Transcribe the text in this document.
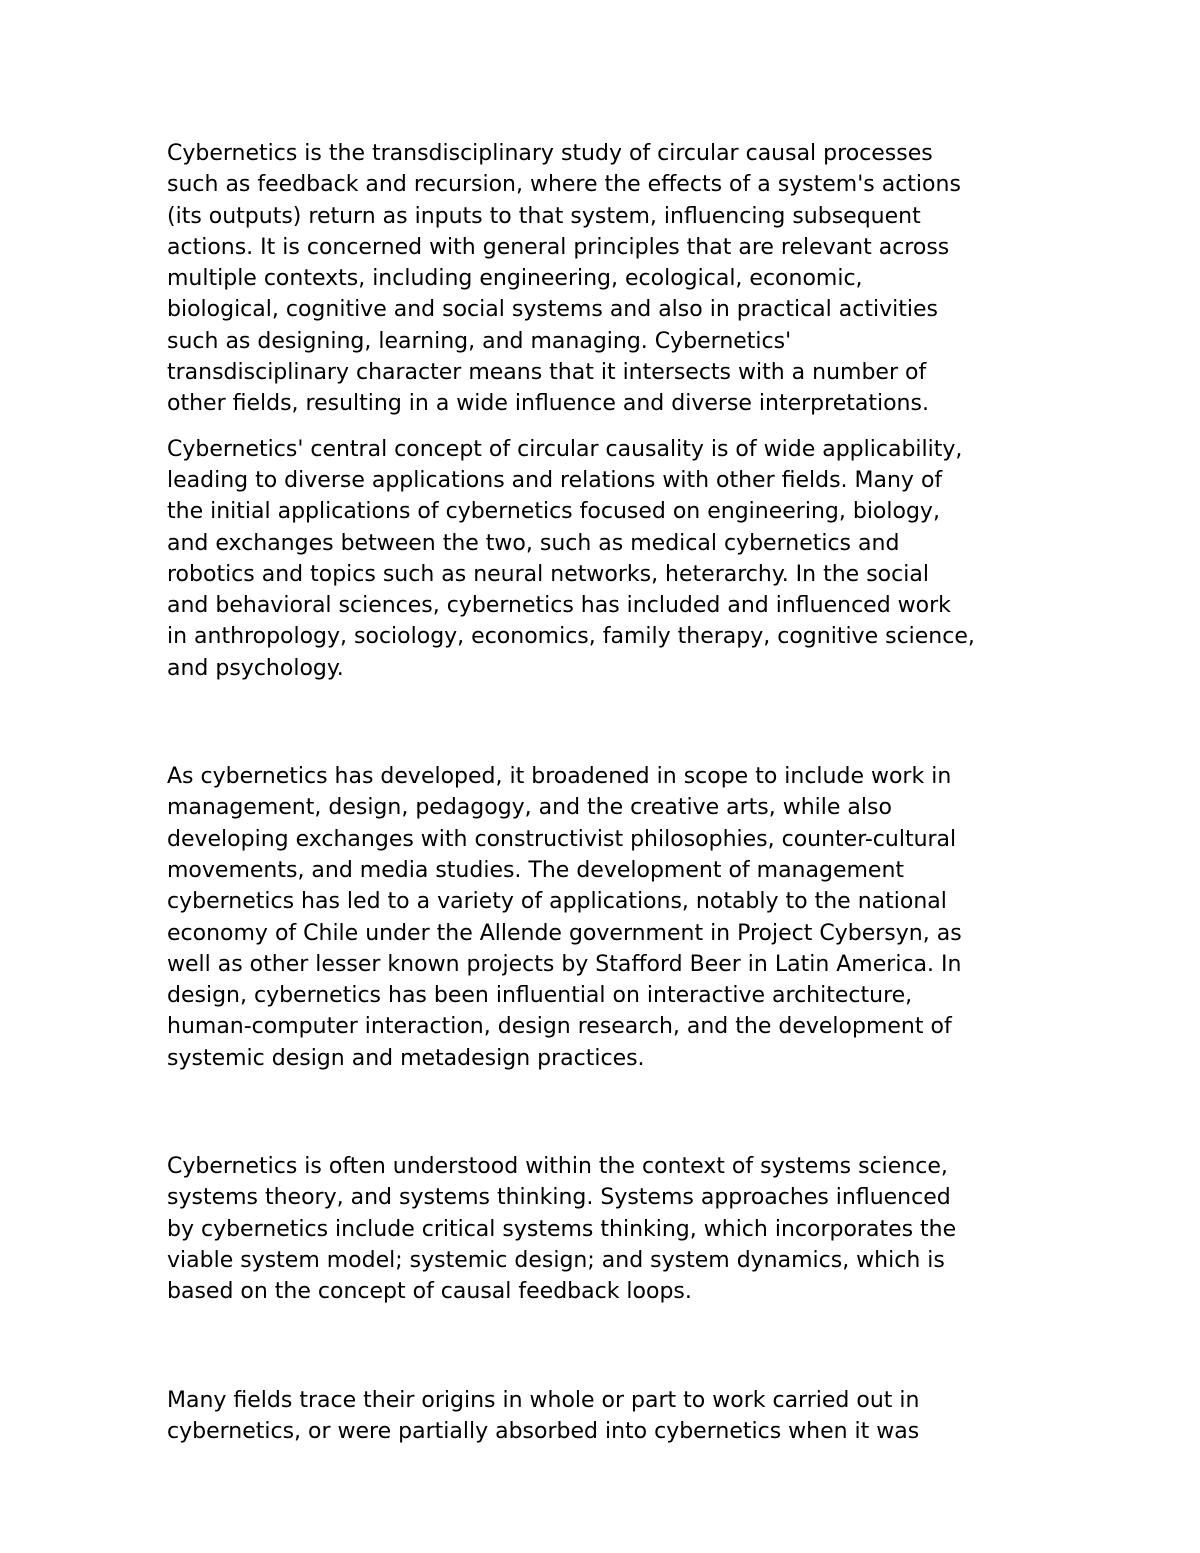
Cybernetics is the transdisciplinary study of circular causal processes
such as feedback and recursion, where the effects of a system's actions
(its outputs) return as inputs to that system, influencing subsequent
actions. It is concerned with general principles that are relevant across
multiple contexts, including engineering, ecological, economic,
biological, cognitive and social systems and also in practical activities
such as designing, learning, and managing. Cybernetics'
transdisciplinary character means that it intersects with a number of
other fields, resulting in a wide influence and diverse interpretations.

Cybernetics' central concept of circular causality is of wide applicability,
leading to diverse applications and relations with other fields. Many of
the initial applications of cybernetics focused on engineering, biology,
and exchanges between the two, such as medical cybernetics and
robotics and topics such as neural networks, heterarchy. In the social
and behavioral sciences, cybernetics has included and influenced work
in anthropology, sociology, economics, family therapy, cognitive science,
and psychology.

As cybernetics has developed, it broadened in scope to include work in
management, design, pedagogy, and the creative arts, while also
developing exchanges with constructivist philosophies, counter-cultural
movements, and media studies. The development of management
cybernetics has led to a variety of applications, notably to the national
economy of Chile under the Allende government in Project Cybersyn, as
well as other lesser known projects by Stafford Beer in Latin America. In
design, cybernetics has been influential on interactive architecture,
human-computer interaction, design research, and the development of
systemic design and metadesign practices.

Cybernetics is often understood within the context of systems science,
systems theory, and systems thinking. Systems approaches influenced
by cybernetics include critical systems thinking, which incorporates the
viable system model; systemic design; and system dynamics, which is
based on the concept of causal feedback loops.

Many fields trace their origins in whole or part to work carried out in
cybernetics, or were partially absorbed into cybernetics when it was
